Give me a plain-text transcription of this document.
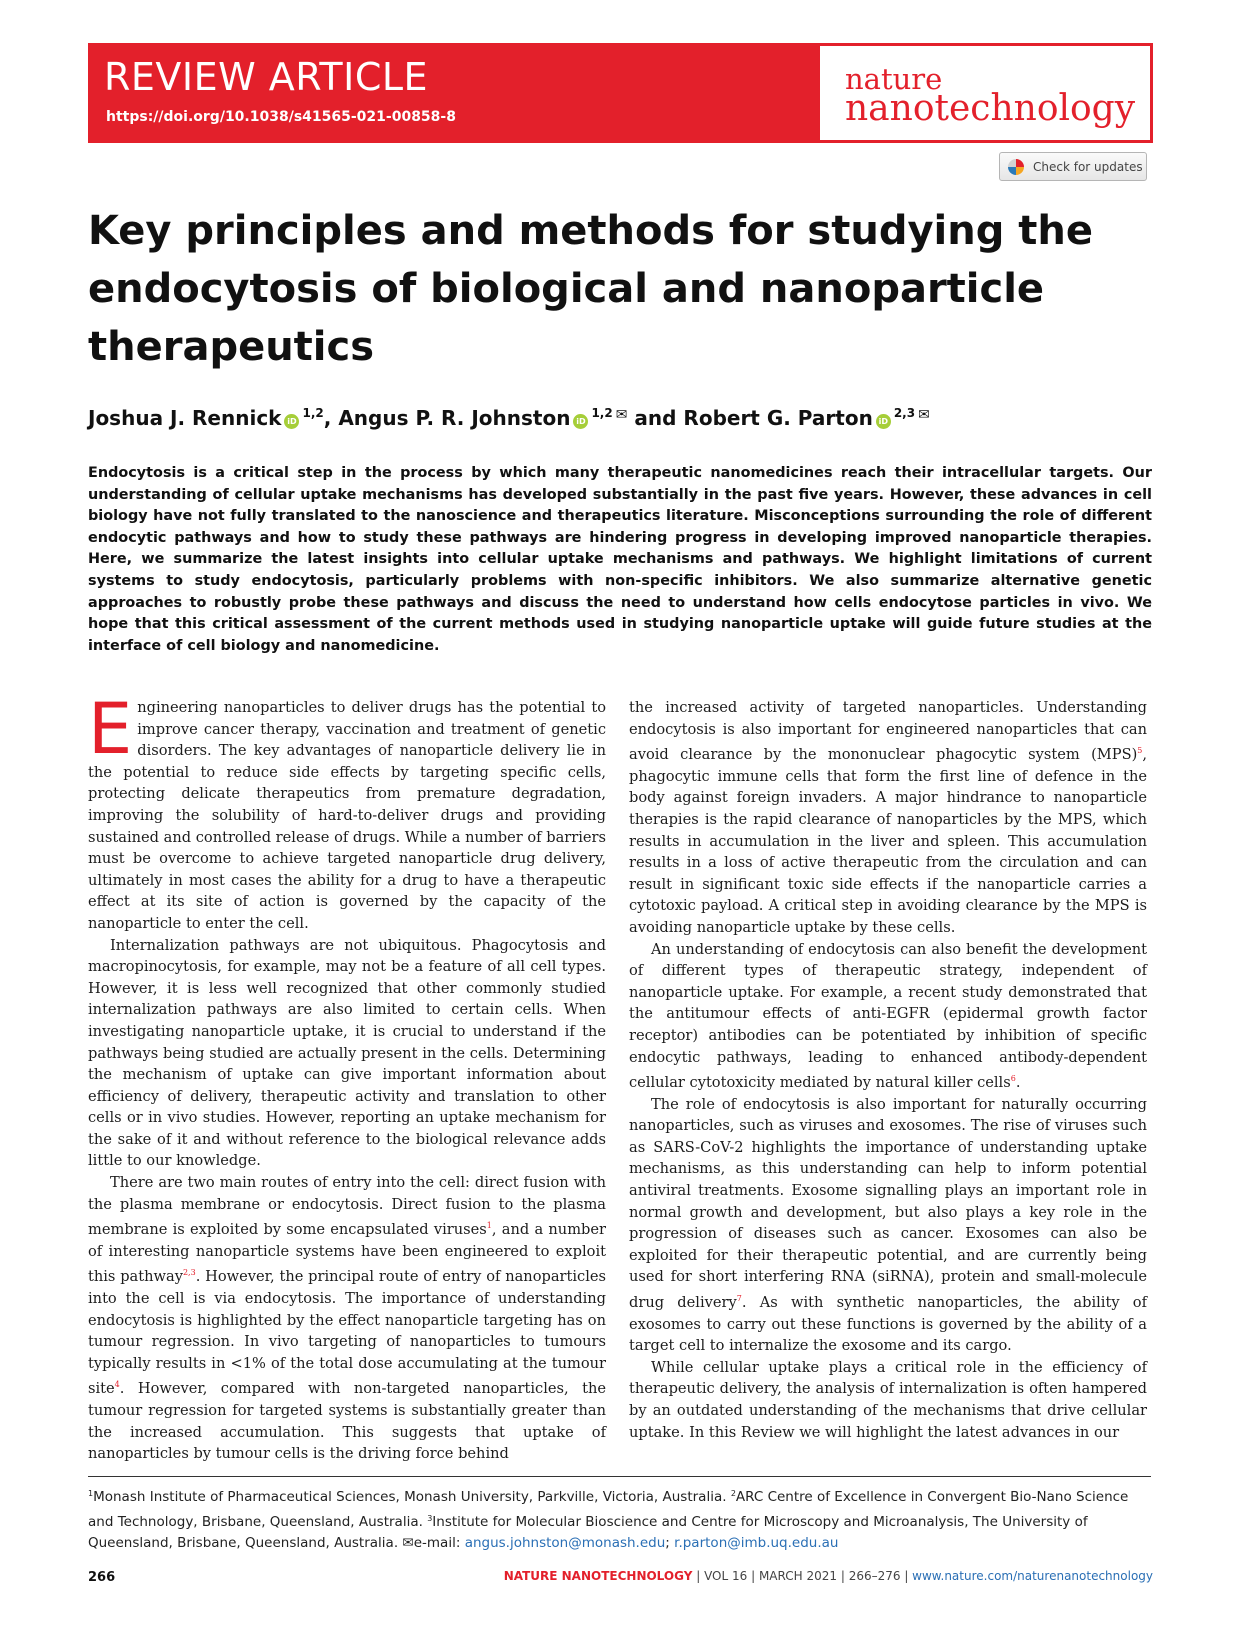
REVIEW ARTICLE
https://doi.org/10.1038/s41565-021-00858-8
nature
nanotechnology
Check for updates
Key principles and methods for studying the endocytosis of biological and nanoparticle therapeutics
Joshua J. Rennick iD$^{1,2}$, Angus P. R. Johnston iD$^{1,2}$ ✉ and Robert G. Parton iD$^{2,3}$ ✉
Endocytosis is a critical step in the process by which many therapeutic nanomedicines reach their intracellular targets. Our understanding of cellular uptake mechanisms has developed substantially in the past five years. However, these advances in cell biology have not fully translated to the nanoscience and therapeutics literature. Misconceptions surrounding the role of different endocytic pathways and how to study these pathways are hindering progress in developing improved nanoparticle therapies. Here, we summarize the latest insights into cellular uptake mechanisms and pathways. We highlight limitations of current systems to study endocytosis, particularly problems with non-specific inhibitors. We also summarize alternative genetic approaches to robustly probe these pathways and discuss the need to understand how cells endocytose particles in vivo. We hope that this critical assessment of the current methods used in studying nanoparticle uptake will guide future studies at the interface of cell biology and nanomedicine.

Engineering nanoparticles to deliver drugs has the potential to improve cancer therapy, vaccination and treatment of genetic disorders. The key advantages of nanoparticle delivery lie in the potential to reduce side effects by targeting specific cells, protecting delicate therapeutics from premature degradation, improving the solubility of hard-to-deliver drugs and providing sustained and controlled release of drugs. While a number of barriers must be overcome to achieve targeted nanoparticle drug delivery, ultimately in most cases the ability for a drug to have a therapeutic effect at its site of action is governed by the capacity of the nanoparticle to enter the cell.

Internalization pathways are not ubiquitous. Phagocytosis and macropinocytosis, for example, may not be a feature of all cell types. However, it is less well recognized that other commonly studied internalization pathways are also limited to certain cells. When investigating nanoparticle uptake, it is crucial to understand if the pathways being studied are actually present in the cells. Determining the mechanism of uptake can give important information about efficiency of delivery, therapeutic activity and translation to other cells or in vivo studies. However, reporting an uptake mechanism for the sake of it and without reference to the biological relevance adds little to our knowledge.

There are two main routes of entry into the cell: direct fusion with the plasma membrane or endocytosis. Direct fusion to the plasma membrane is exploited by some encapsulated viruses$^1$, and a number of interesting nanoparticle systems have been engineered to exploit this pathway$^{2,3}$. However, the principal route of entry of nanoparticles into the cell is via endocytosis. The importance of understanding endocytosis is highlighted by the effect nanoparticle targeting has on tumour regression. In vivo targeting of nanoparticles to tumours typically results in <1% of the total dose accumulating at the tumour site$^4$. However, compared with non-targeted nanoparticles, the tumour regression for targeted systems is substantially greater than the increased accumulation. This suggests that uptake of nanoparticles by tumour cells is the driving force behind

the increased activity of targeted nanoparticles. Understanding endocytosis is also important for engineered nanoparticles that can avoid clearance by the mononuclear phagocytic system (MPS)$^5$, phagocytic immune cells that form the first line of defence in the body against foreign invaders. A major hindrance to nanoparticle therapies is the rapid clearance of nanoparticles by the MPS, which results in accumulation in the liver and spleen. This accumulation results in a loss of active therapeutic from the circulation and can result in significant toxic side effects if the nanoparticle carries a cytotoxic payload. A critical step in avoiding clearance by the MPS is avoiding nanoparticle uptake by these cells.

An understanding of endocytosis can also benefit the development of different types of therapeutic strategy, independent of nanoparticle uptake. For example, a recent study demonstrated that the antitumour effects of anti-EGFR (epidermal growth factor receptor) antibodies can be potentiated by inhibition of specific endocytic pathways, leading to enhanced antibody-dependent cellular cytotoxicity mediated by natural killer cells$^6$.

The role of endocytosis is also important for naturally occurring nanoparticles, such as viruses and exosomes. The rise of viruses such as SARS-CoV-2 highlights the importance of understanding uptake mechanisms, as this understanding can help to inform potential antiviral treatments. Exosome signalling plays an important role in normal growth and development, but also plays a key role in the progression of diseases such as cancer. Exosomes can also be exploited for their therapeutic potential, and are currently being used for short interfering RNA (siRNA), protein and small-molecule drug delivery$^7$. As with synthetic nanoparticles, the ability of exosomes to carry out these functions is governed by the ability of a target cell to internalize the exosome and its cargo.

While cellular uptake plays a critical role in the efficiency of therapeutic delivery, the analysis of internalization is often hampered by an outdated understanding of the mechanisms that drive cellular uptake. In this Review we will highlight the latest advances in our

$^1$Monash Institute of Pharmaceutical Sciences, Monash University, Parkville, Victoria, Australia. $^2$ARC Centre of Excellence in Convergent Bio-Nano Science and Technology, Brisbane, Queensland, Australia. $^3$Institute for Molecular Bioscience and Centre for Microscopy and Microanalysis, The University of Queensland, Brisbane, Queensland, Australia. ✉e-mail: angus.johnston@monash.edu; r.parton@imb.uq.edu.au
266	NATURE NANOTECHNOLOGY | VOL 16 | MARCH 2021 | 266–276 | www.nature.com/naturenanotechnology
